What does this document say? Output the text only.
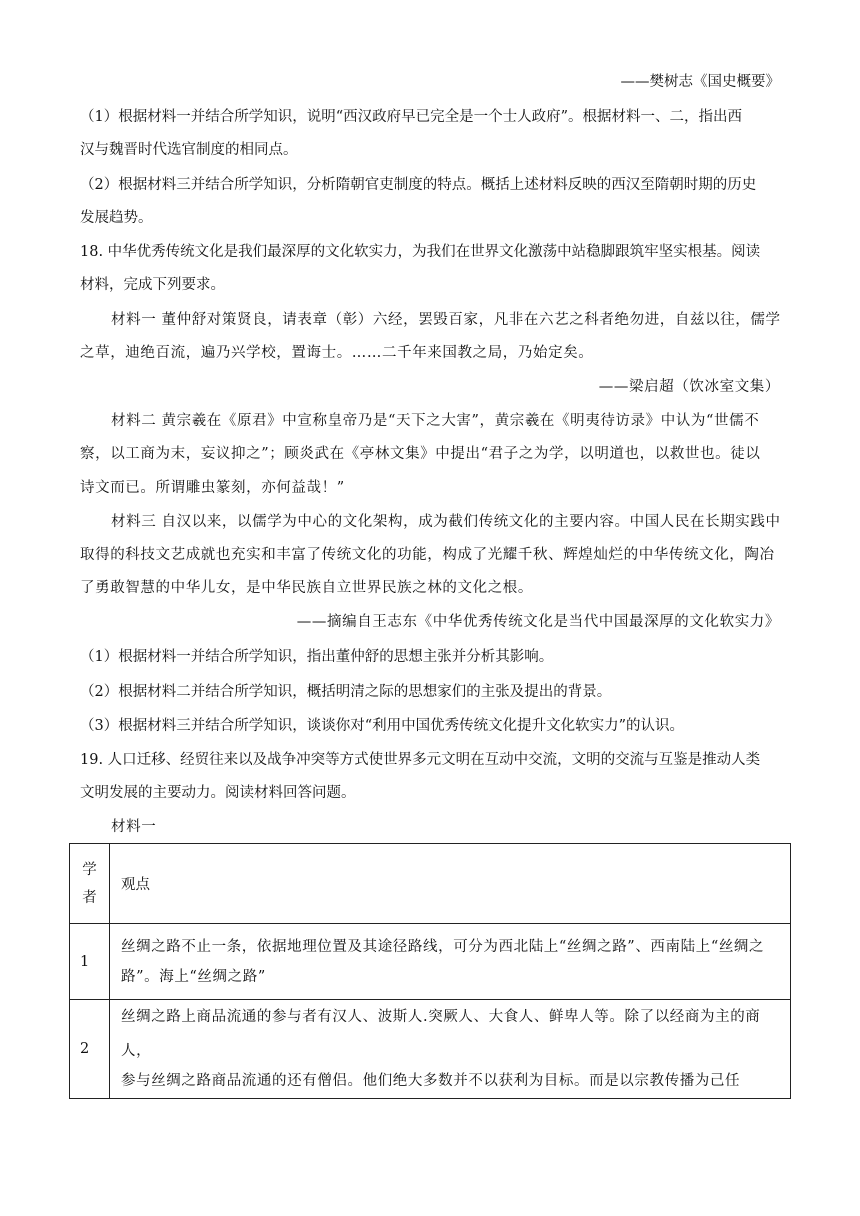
——樊树志《国史概要》
（1）根据材料一并结合所学知识，说明“西汉政府早已完全是一个士人政府”。根据材料一、二，指出西
汉与魏晋时代选官制度的相同点。
（2）根据材料三并结合所学知识，分析隋朝官吏制度的特点。概括上述材料反映的西汉至隋朝时期的历史
发展趋势。
18. 中华优秀传统文化是我们最深厚的文化软实力，为我们在世界文化激荡中站稳脚跟筑牢坚实根基。阅读
材料，完成下列要求。
材料一 董仲舒对策贤良，请表章（彰）六经，罢毁百家，凡非在六艺之科者绝勿进，自兹以往，儒学
之草，迪绝百流，遍乃兴学校，置诲士。……二千年来国教之局，乃始定矣。
——梁启超（饮冰室文集）
材料二 黄宗羲在《原君》中宣称皇帝乃是“天下之大害”，黄宗羲在《明夷待访录》中认为“世儒不
察，以工商为末，妄议抑之”；顾炎武在《亭林文集》中提出“君子之为学，以明道也，以救世也。徒以
诗文而已。所谓雕虫篆刻，亦何益哉！”
材料三 自汉以来，以儒学为中心的文化架构，成为截们传统文化的主要内容。中国人民在长期实践中
取得的科技文艺成就也充实和丰富了传统文化的功能，构成了光耀千秋、辉煌灿烂的中华传统文化，陶冶
了勇敢智慧的中华儿女，是中华民族自立世界民族之林的文化之根。
——摘编自王志东《中华优秀传统文化是当代中国最深厚的文化软实力》
（1）根据材料一并结合所学知识，指出董仲舒的思想主张并分析其影响。
（2）根据材料二并结合所学知识，概括明清之际的思想家们的主张及提出的背景。
（3）根据材料三并结合所学知识，谈谈你对“利用中国优秀传统文化提升文化软实力”的认识。
19. 人口迁移、经贸往来以及战争冲突等方式使世界多元文明在互动中交流，文明的交流与互鉴是推动人类
文明发展的主要动力。阅读材料回答问题。
材料一
学
者	观点

1	丝绸之路不止一条，依据地理位置及其途径路线，可分为西北陆上“丝绸之路”、西南陆上“丝绸之
路”。海上“丝绸之路”

2	丝绸之路上商品流通的参与者有汉人、波斯人.突厥人、大食人、鲜卑人等。除了以经商为主的商人，
参与丝绸之路商品流通的还有僧侣。他们绝大多数并不以获利为目标。而是以宗教传播为己任
